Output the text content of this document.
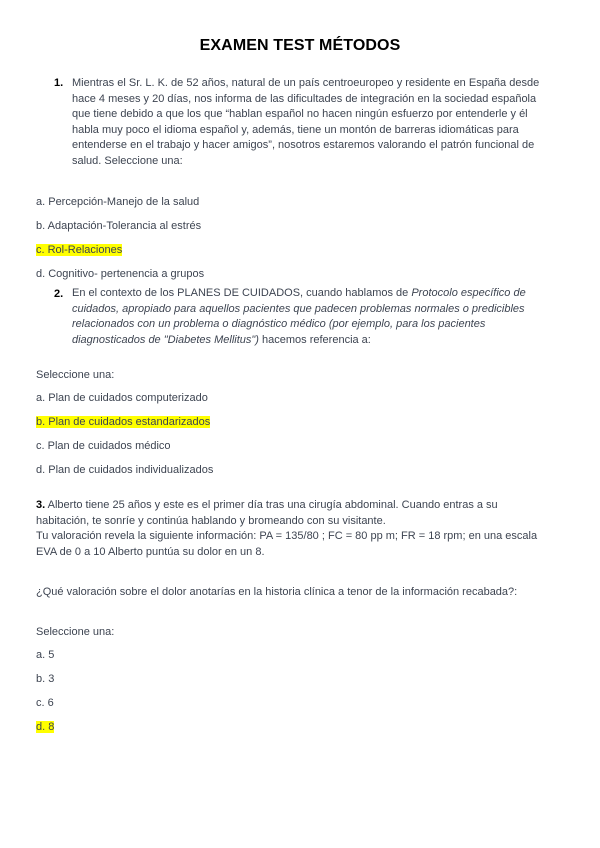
EXAMEN TEST MÉTODOS
1. Mientras el Sr. L. K. de 52 años, natural de un país centroeuropeo y residente en España desde
hace 4 meses y 20 días, nos informa de las dificultades de integración en la sociedad española
que tiene debido a que los que “hablan español no hacen ningún esfuerzo por entenderle y él
habla muy poco el idioma español y, además, tiene un montón de barreras idiomáticas para
entenderse en el trabajo y hacer amigos”, nosotros estaremos valorando el patrón funcional de
salud. Seleccione una:
a. Percepción-Manejo de la salud
b. Adaptación-Tolerancia al estrés
c. Rol-Relaciones
d. Cognitivo- pertenencia a grupos
2. En el contexto de los PLANES DE CUIDADOS, cuando hablamos de Protocolo específico de
cuidados, apropiado para aquellos pacientes que padecen problemas normales o predicibles
relacionados con un problema o diagnóstico médico (por ejemplo, para los pacientes
diagnosticados de "Diabetes Mellitus") hacemos referencia a:
Seleccione una:
a. Plan de cuidados computerizado
b. Plan de cuidados estandarizados
c. Plan de cuidados médico
d. Plan de cuidados individualizados
3. Alberto tiene 25 años y este es el primer día tras una cirugía abdominal. Cuando entras a su
habitación, te sonríe y continúa hablando y bromeando con su visitante.
Tu valoración revela la siguiente información: PA = 135/80 ; FC = 80 pp m; FR = 18 rpm; en una escala
EVA de 0 a 10 Alberto puntúa su dolor en un 8.
¿Qué valoración sobre el dolor anotarías en la historia clínica a tenor de la información recabada?:
Seleccione una:
a. 5
b. 3
c. 6
d. 8
